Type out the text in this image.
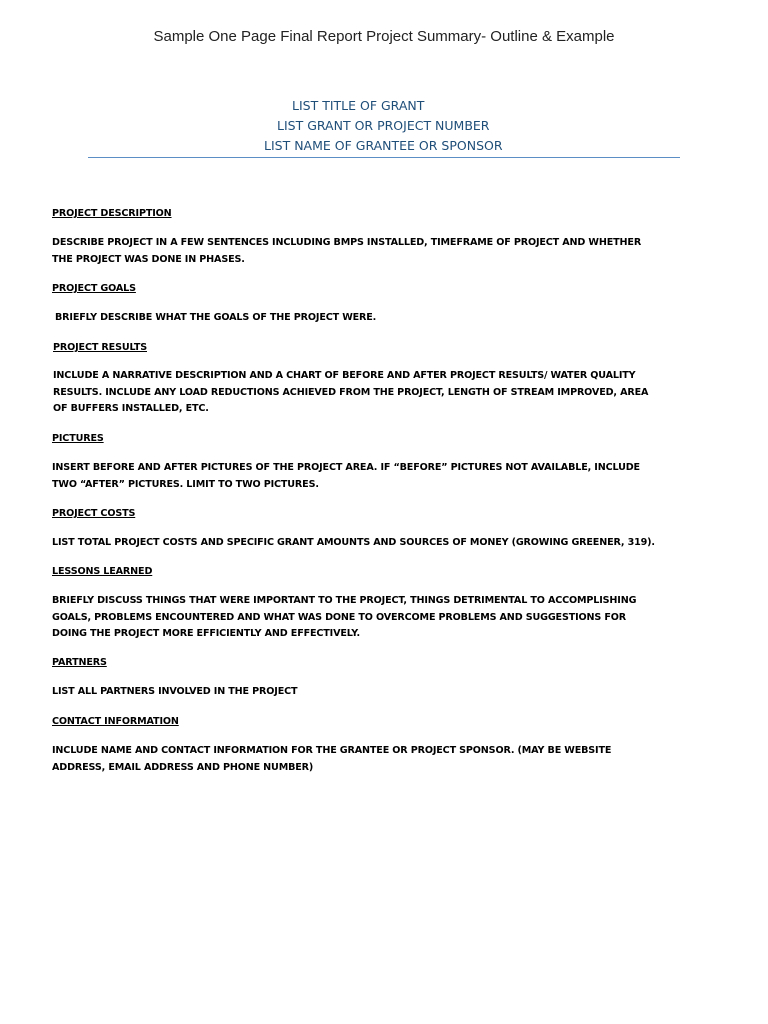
Sample One Page Final Report Project Summary- Outline & Example
LIST TITLE OF GRANT
LIST GRANT OR PROJECT NUMBER
LIST NAME OF GRANTEE OR SPONSOR
PROJECT DESCRIPTION
DESCRIBE PROJECT IN A FEW SENTENCES INCLUDING BMPS INSTALLED, TIMEFRAME OF PROJECT AND WHETHER THE PROJECT WAS DONE IN PHASES.
PROJECT GOALS
BRIEFLY DESCRIBE WHAT THE GOALS OF THE PROJECT WERE.
PROJECT RESULTS
INCLUDE A NARRATIVE DESCRIPTION AND A CHART OF BEFORE AND AFTER PROJECT RESULTS/ WATER QUALITY RESULTS. INCLUDE ANY LOAD REDUCTIONS ACHIEVED FROM THE PROJECT, LENGTH OF STREAM IMPROVED, AREA OF BUFFERS INSTALLED, ETC.
PICTURES
INSERT BEFORE AND AFTER PICTURES OF THE PROJECT AREA. IF “BEFORE” PICTURES NOT AVAILABLE, INCLUDE TWO “AFTER” PICTURES. LIMIT TO TWO PICTURES.
PROJECT COSTS
LIST TOTAL PROJECT COSTS AND SPECIFIC GRANT AMOUNTS AND SOURCES OF MONEY (GROWING GREENER, 319).
LESSONS LEARNED
BRIEFLY DISCUSS THINGS THAT WERE IMPORTANT TO THE PROJECT, THINGS DETRIMENTAL TO ACCOMPLISHING GOALS, PROBLEMS ENCOUNTERED AND WHAT WAS DONE TO OVERCOME PROBLEMS AND SUGGESTIONS FOR DOING THE PROJECT MORE EFFICIENTLY AND EFFECTIVELY.
PARTNERS
LIST ALL PARTNERS INVOLVED IN THE PROJECT
CONTACT INFORMATION
INCLUDE NAME AND CONTACT INFORMATION FOR THE GRANTEE OR PROJECT SPONSOR. (MAY BE WEBSITE ADDRESS, EMAIL ADDRESS AND PHONE NUMBER)
